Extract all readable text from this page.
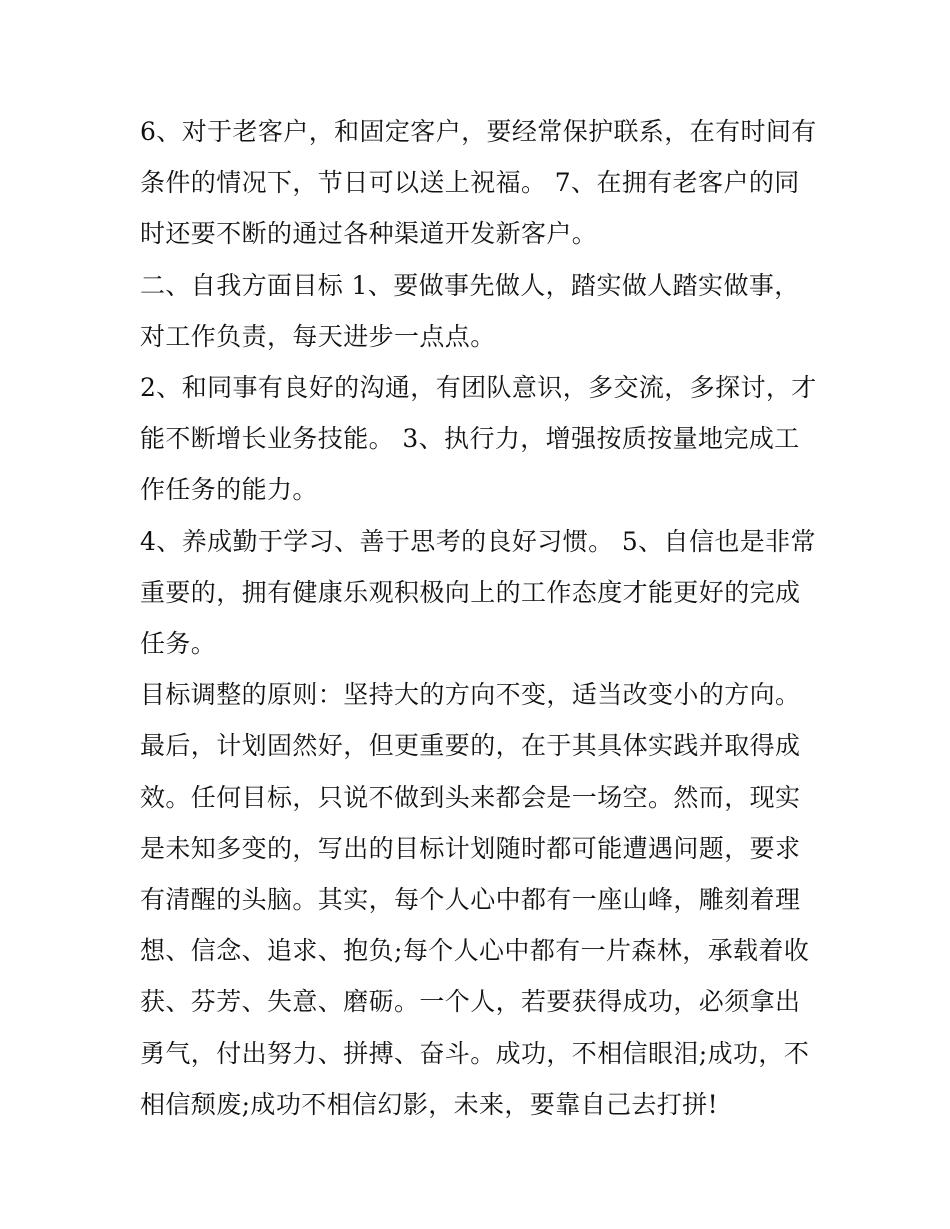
6、对于老客户，和固定客户，要经常保护联系，在有时间有条件的情况下，节日可以送上祝福。 7、在拥有老客户的同时还要不断的通过各种渠道开发新客户。

二、自我方面目标 1、要做事先做人，踏实做人踏实做事，对工作负责，每天进步一点点。

2、和同事有良好的沟通，有团队意识，多交流，多探讨，才能不断增长业务技能。 3、执行力，增强按质按量地完成工作任务的能力。

4、养成勤于学习、善于思考的良好习惯。 5、自信也是非常重要的，拥有健康乐观积极向上的工作态度才能更好的完成任务。

目标调整的原则：坚持大的方向不变，适当改变小的方向。

最后，计划固然好，但更重要的，在于其具体实践并取得成效。任何目标，只说不做到头来都会是一场空。然而，现实是未知多变的，写出的目标计划随时都可能遭遇问题，要求有清醒的头脑。其实，每个人心中都有一座山峰，雕刻着理想、信念、追求、抱负;每个人心中都有一片森林，承载着收获、芬芳、失意、磨砺。一个人，若要获得成功，必须拿出勇气，付出努力、拼搏、奋斗。成功，不相信眼泪;成功，不相信颓废;成功不相信幻影，未来，要靠自己去打拼!
